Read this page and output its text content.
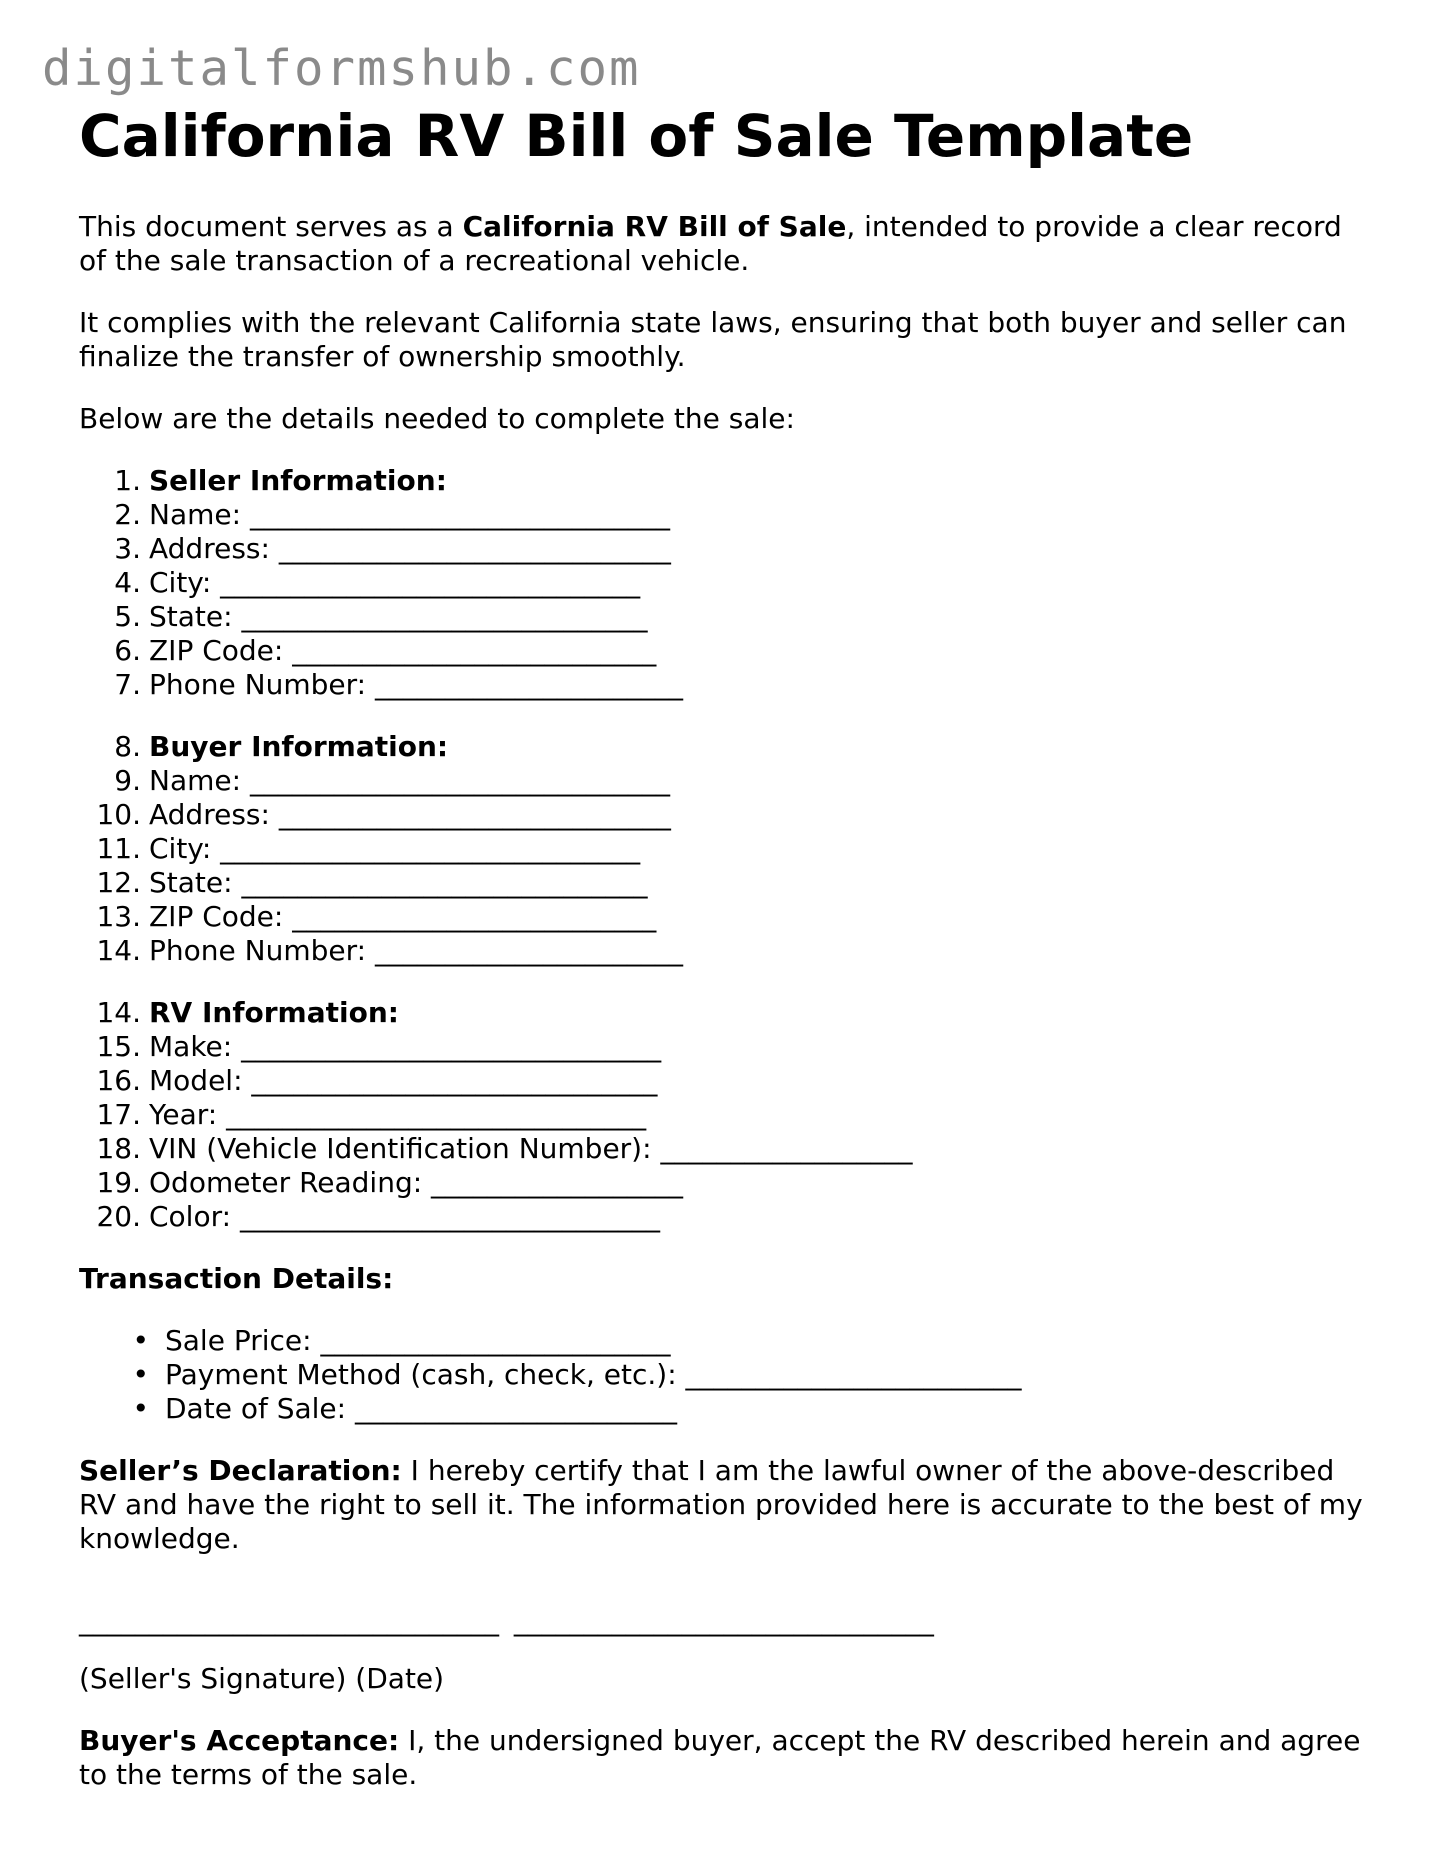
digitalformshub.com
California RV Bill of Sale Template

This document serves as a California RV Bill of Sale, intended to provide a clear record of the sale transaction of a recreational vehicle.

It complies with the relevant California state laws, ensuring that both buyer and seller can finalize the transfer of ownership smoothly.

Below are the details needed to complete the sale:

1. Seller Information:
2. Name: ______________________________
3. Address: ____________________________
4. City: ______________________________
5. State: _____________________________
6. ZIP Code: __________________________
7. Phone Number: ______________________
8. Buyer Information:
9. Name: ______________________________
10. Address: ____________________________
11. City: ______________________________
12. State: _____________________________
13. ZIP Code: __________________________
14. Phone Number: ______________________
14. RV Information:
15. Make: ______________________________
16. Model: _____________________________
17. Year: ______________________________
18. VIN (Vehicle Identification Number): __________________
19. Odometer Reading: __________________
20. Color: ______________________________
Transaction Details:
• Sale Price: _________________________
• Payment Method (cash, check, etc.): ________________________
• Date of Sale: _______________________

Seller’s Declaration: I hereby certify that I am the lawful owner of the above-described RV and have the right to sell it. The information provided here is accurate to the best of my knowledge.

______________________________ ______________________________

(Seller's Signature) (Date)

Buyer's Acceptance: I, the undersigned buyer, accept the RV described herein and agree to the terms of the sale.
